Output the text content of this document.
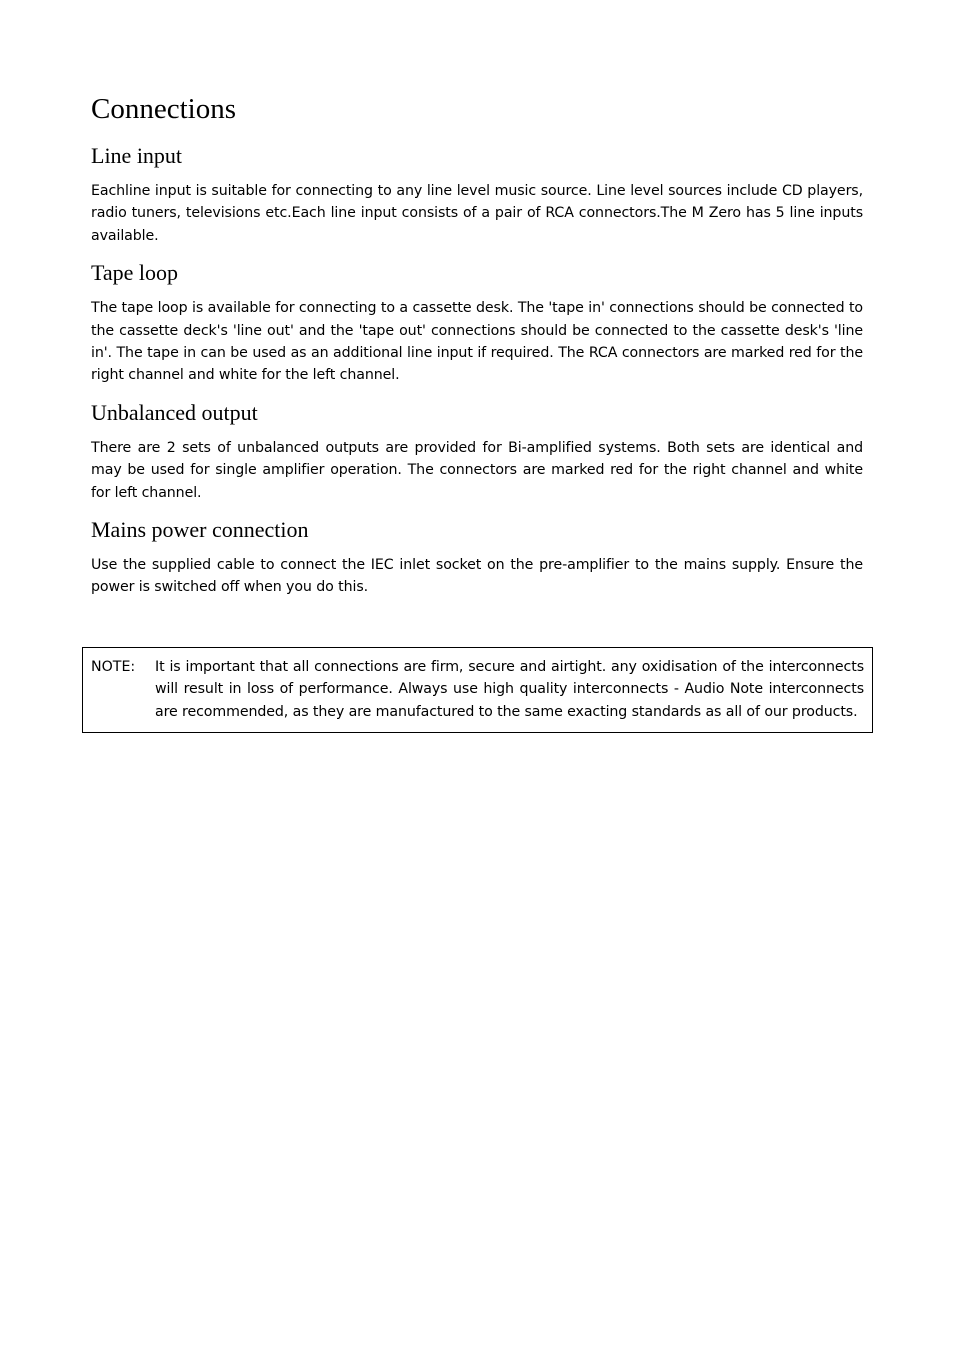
Connections
Line input

Eachline input is suitable for connecting to any line level music source. Line level sources include CD players, radio tuners, televisions etc.Each line input consists of a pair of RCA connectors.The M Zero has 5 line inputs available.

Tape loop

The tape loop is available for connecting to a cassette desk. The 'tape in' connections should be connected to the cassette deck's 'line out' and the 'tape out' connections should be connected to the cassette desk's 'line in'. The tape in can be used as an additional line input if required. The RCA connectors are marked red for the right channel and white for the left channel.

Unbalanced output

There are 2 sets of unbalanced outputs are provided for Bi-amplified systems. Both sets are identical and may be used for single amplifier operation. The connectors are marked red for the right channel and white for left channel.

Mains power connection

Use the supplied cable to connect the IEC inlet socket on the pre-amplifier to the mains supply. Ensure the power is switched off when you do this.

NOTE:	It is important that all connections are firm, secure and airtight. any oxidisation of the interconnects will result in loss of performance. Always use high quality interconnects - Audio Note interconnects are recommended, as they are manufactured to the same exacting standards as all of our products.
